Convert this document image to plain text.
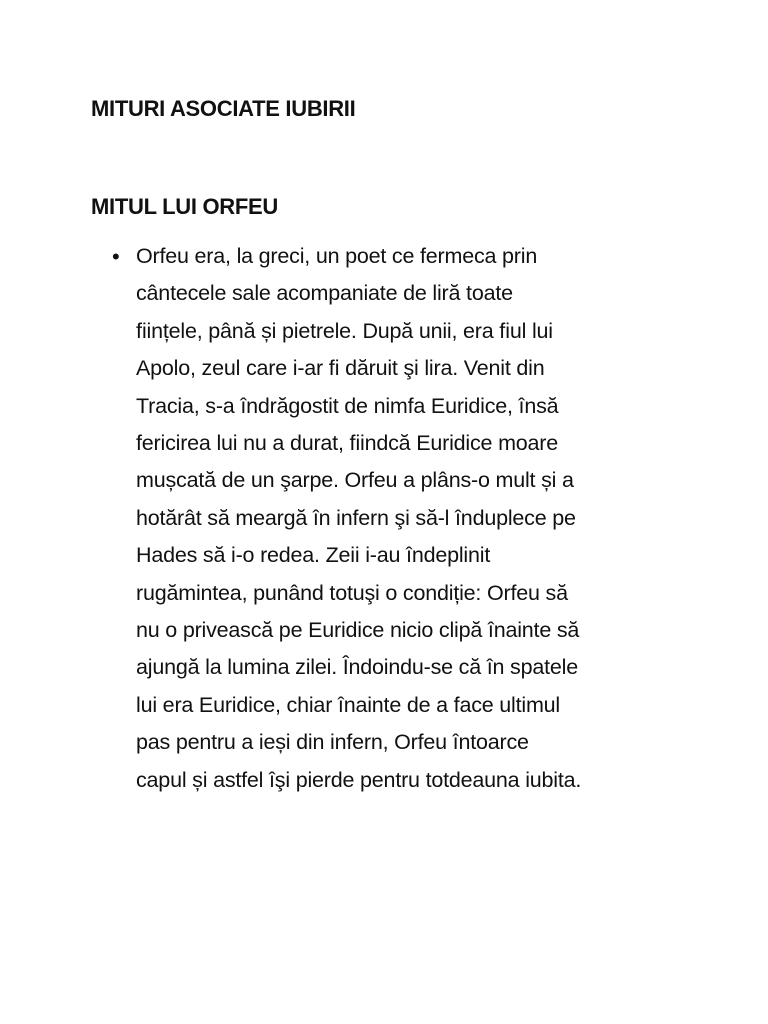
MITURI ASOCIATE IUBIRII
MITUL LUI ORFEU
• Orfeu era, la greci, un poet ce fermeca prin
cântecele sale acompaniate de liră toate
ﬁințele, până și pietrele. După unii, era ﬁul lui
Apolo, zeul care i-ar ﬁ dăruit şi lira. Venit din
Tracia, s-a îndrăgostit de nimfa Euridice, însă
fericirea lui nu a durat, ﬁindcă Euridice moare
mușcată de un şarpe. Orfeu a plâns-o mult și a
hotărât să meargă în infern şi să-l înduplece pe
Hades să i-o redea. Zeii i-au îndeplinit
rugămintea, punând totuşi o condiție: Orfeu să
nu o privească pe Euridice nicio clipă înainte să
ajungă la lumina zilei. Îndoindu-se că în spatele
lui era Euridice, chiar înainte de a face ultimul
pas pentru a ieși din infern, Orfeu întoarce
capul și astfel îşi pierde pentru totdeauna iubita.
